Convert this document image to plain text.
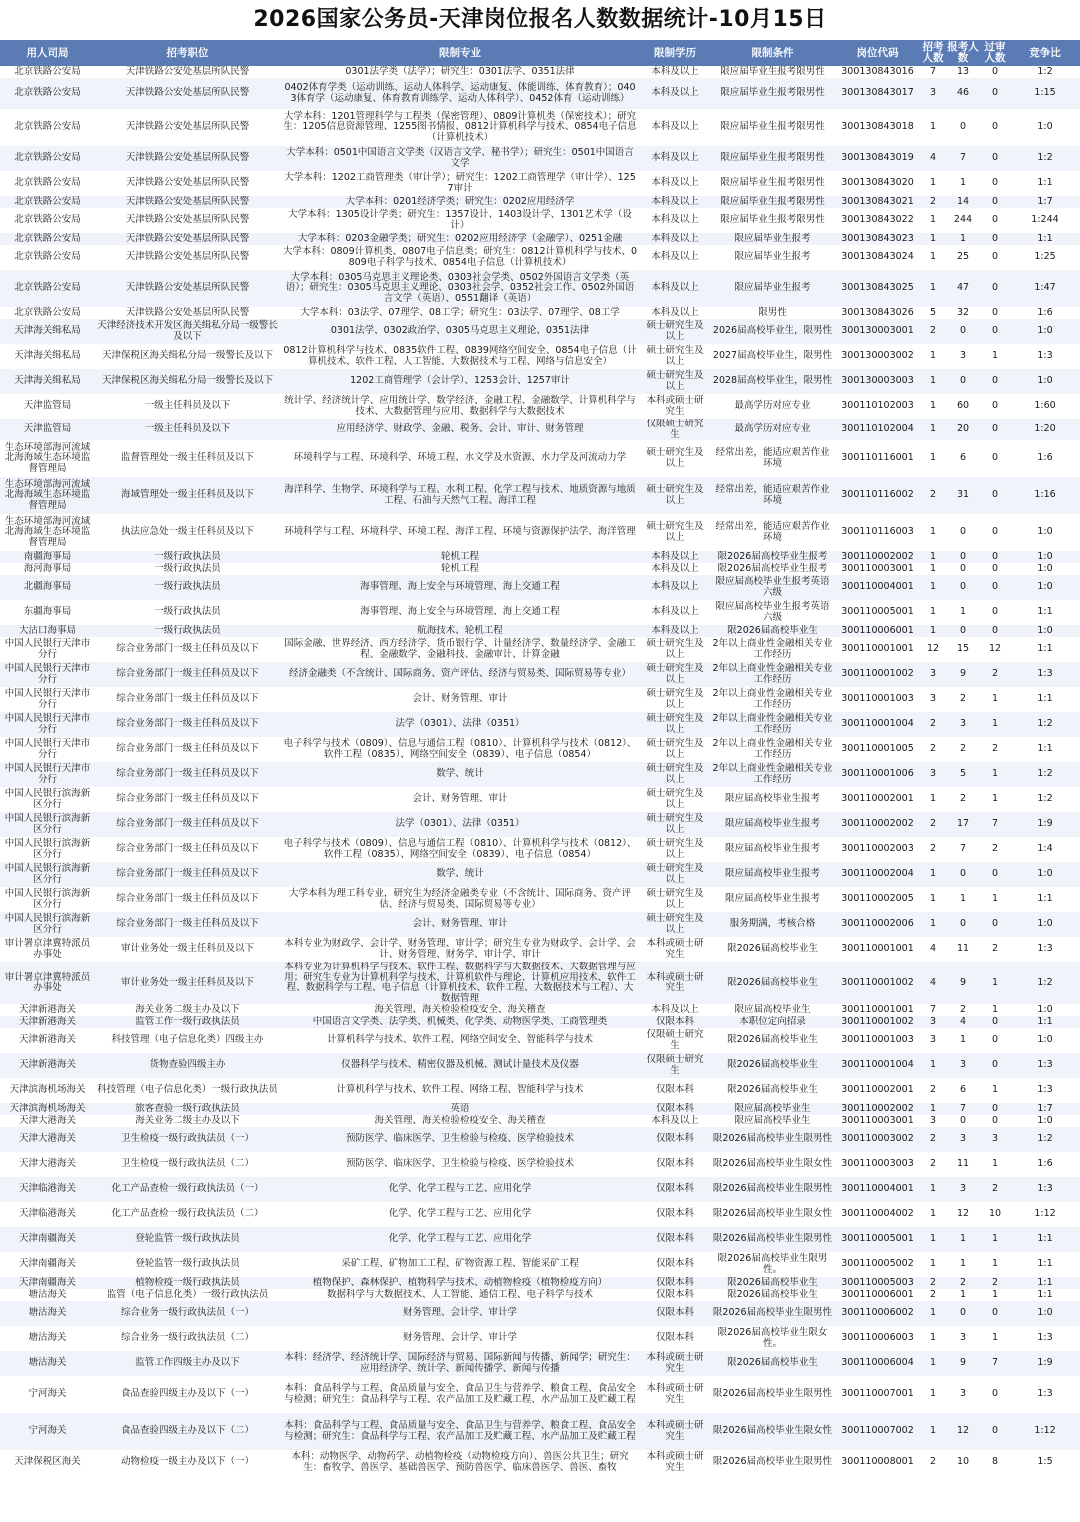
2026国家公务员-天津岗位报名人数数据统计-10月15日
用人司局	招考职位	限制专业	限制学历	限制条件	岗位代码	招考人数	报考人数	过审人数	竞争比
北京铁路公安局	天津铁路公安处基层所队民警	0301法学类（法学）；研究生：0301法学、0351法律	本科及以上	限应届毕业生报考限男性	300130843016	7	13	0	1:2
北京铁路公安局	天津铁路公安处基层所队民警	0402体育学类（运动训练、运动人体科学、运动康复、体能训练、体育教育）；0403体育学（运动康复、体育教育训练学、运动人体科学）、0452体育（运动训练）	本科及以上	限应届毕业生报考限男性	300130843017	3	46	0	1:15
北京铁路公安局	天津铁路公安处基层所队民警	大学本科：1201管理科学与工程类（保密管理）、0809计算机类（保密技术）；研究生：1205信息资源管理、1255图书情报、0812计算机科学与技术、0854电子信息（计算机技术）	本科及以上	限应届毕业生报考限男性	300130843018	1	0	0	1:0
北京铁路公安局	天津铁路公安处基层所队民警	大学本科：0501中国语言文学类（汉语言文学、秘书学）；研究生：0501中国语言文学	本科及以上	限应届毕业生报考限男性	300130843019	4	7	0	1:2
北京铁路公安局	天津铁路公安处基层所队民警	大学本科：1202工商管理类（审计学）；研究生：1202工商管理学（审计学）、1257审计	本科及以上	限应届毕业生报考限男性	300130843020	1	1	0	1:1
北京铁路公安局	天津铁路公安处基层所队民警	大学本科：0201经济学类；研究生：0202应用经济学	本科及以上	限应届毕业生报考限男性	300130843021	2	14	0	1:7
北京铁路公安局	天津铁路公安处基层所队民警	大学本科：1305设计学类；研究生：1357设计、1403设计学、1301艺术学（设计）	本科及以上	限应届毕业生报考限男性	300130843022	1	244	0	1:244
北京铁路公安局	天津铁路公安处基层所队民警	大学本科：0203金融学类；研究生：0202应用经济学（金融学）、0251金融	本科及以上	限应届毕业生报考	300130843023	1	1	0	1:1
北京铁路公安局	天津铁路公安处基层所队民警	大学本科：0809计算机类、0807电子信息类；研究生：0812计算机科学与技术、0809电子科学与技术、0854电子信息（计算机技术）	本科及以上	限应届毕业生报考	300130843024	1	25	0	1:25
北京铁路公安局	天津铁路公安处基层所队民警	大学本科：0305马克思主义理论类、0303社会学类、0502外国语言文学类（英语）；研究生：0305马克思主义理论、0303社会学、0352社会工作、0502外国语言文学（英语）、0551翻译（英语）	本科及以上	限应届毕业生报考	300130843025	1	47	0	1:47
北京铁路公安局	天津铁路公安处基层所队民警	大学本科：03法学、07理学、08工学；研究生：03法学、07理学、08工学	本科及以上	限男性	300130843026	5	32	0	1:6
天津海关缉私局	天津经济技术开发区海关缉私分局一级警长及以下	0301法学、0302政治学、0305马克思主义理论、0351法律	硕士研究生及以上	2026届高校毕业生，限男性	300130003001	2	0	0	1:0
天津海关缉私局	天津保税区海关缉私分局一级警长及以下	0812计算机科学与技术、0835软件工程、0839网络空间安全、0854电子信息（计算机技术、软件工程、人工智能、大数据技术与工程、网络与信息安全）	硕士研究生及以上	2027届高校毕业生，限男性	300130003002	1	3	1	1:3
天津海关缉私局	天津保税区海关缉私分局一级警长及以下	1202工商管理学（会计学）、1253会计、1257审计	硕士研究生及以上	2028届高校毕业生，限男性	300130003003	1	0	0	1:0
天津监管局	一级主任科员及以下	统计学、经济统计学、应用统计学、数学经济、金融工程、金融数学、计算机科学与技术、大数据管理与应用、数据科学与大数据技术	本科或硕士研究生	最高学历对应专业	300110102003	1	60	0	1:60
天津监管局	一级主任科员及以下	应用经济学、财政学、金融、税务、会计、审计、财务管理	仅限硕士研究生	最高学历对应专业	300110102004	1	20	0	1:20
生态环境部海河流域北海海域生态环境监督管理局	监督管理处一级主任科员及以下	环境科学与工程、环境科学、环境工程、水文学及水资源、水力学及河流动力学	硕士研究生及以上	经常出差，能适应艰苦作业环境	300110116001	1	6	0	1:6
生态环境部海河流域北海海域生态环境监督管理局	海域管理处一级主任科员及以下	海洋科学、生物学、环境科学与工程、水利工程、化学工程与技术、地质资源与地质工程、石油与天然气工程、海洋工程	硕士研究生及以上	经常出差，能适应艰苦作业环境	300110116002	2	31	0	1:16
生态环境部海河流域北海海域生态环境监督管理局	执法应急处一级主任科员及以下	环境科学与工程、环境科学、环境工程、海洋工程、环境与资源保护法学、海洋管理	硕士研究生及以上	经常出差，能适应艰苦作业环境	300110116003	1	0	0	1:0
南疆海事局	一级行政执法员	轮机工程	本科及以上	限2026届高校毕业生报考	300110002002	1	0	0	1:0
海河海事局	一级行政执法员	轮机工程	本科及以上	限2026届高校毕业生报考	300110003001	1	0	0	1:0
北疆海事局	一级行政执法员	海事管理、海上安全与环境管理、海上交通工程	本科及以上	限应届高校毕业生报考英语六级	300110004001	1	0	0	1:0
东疆海事局	一级行政执法员	海事管理、海上安全与环境管理、海上交通工程	本科及以上	限应届高校毕业生报考英语六级	300110005001	1	1	0	1:1
大沽口海事局	一级行政执法员	航海技术、轮机工程	本科及以上	限2026届高校毕业生	300110006001	1	0	0	1:0
中国人民银行天津市分行	综合业务部门一级主任科员及以下	国际金融、世界经济、西方经济学、货币银行学、计量经济学、数量经济学、金融工程、金融数学、金融科技、金融审计、计算金融	硕士研究生及以上	2年以上商业性金融相关专业工作经历	300110001001	12	15	12	1:1
中国人民银行天津市分行	综合业务部门一级主任科员及以下	经济金融类（不含统计、国际商务、资产评估、经济与贸易类、国际贸易等专业）	硕士研究生及以上	2年以上商业性金融相关专业工作经历	300110001002	3	9	2	1:3
中国人民银行天津市分行	综合业务部门一级主任科员及以下	会计、财务管理、审计	硕士研究生及以上	2年以上商业性金融相关专业工作经历	300110001003	3	2	1	1:1
中国人民银行天津市分行	综合业务部门一级主任科员及以下	法学（0301）、法律（0351）	硕士研究生及以上	2年以上商业性金融相关专业工作经历	300110001004	2	3	1	1:2
中国人民银行天津市分行	综合业务部门一级主任科员及以下	电子科学与技术（0809）、信息与通信工程（0810）、计算机科学与技术（0812）、软件工程（0835）、网络空间安全（0839）、电子信息（0854）	硕士研究生及以上	2年以上商业性金融相关专业工作经历	300110001005	2	2	2	1:1
中国人民银行天津市分行	综合业务部门一级主任科员及以下	数学、统计	硕士研究生及以上	2年以上商业性金融相关专业工作经历	300110001006	3	5	1	1:2
中国人民银行滨海新区分行	综合业务部门一级主任科员及以下	会计、财务管理、审计	硕士研究生及以上	限应届高校毕业生报考	300110002001	1	2	1	1:2
中国人民银行滨海新区分行	综合业务部门一级主任科员及以下	法学（0301）、法律（0351）	硕士研究生及以上	限应届高校毕业生报考	300110002002	2	17	7	1:9
中国人民银行滨海新区分行	综合业务部门一级主任科员及以下	电子科学与技术（0809）、信息与通信工程（0810）、计算机科学与技术（0812）、软件工程（0835）、网络空间安全（0839）、电子信息（0854）	硕士研究生及以上	限应届高校毕业生报考	300110002003	2	7	2	1:4
中国人民银行滨海新区分行	综合业务部门一级主任科员及以下	数学、统计	硕士研究生及以上	限应届高校毕业生报考	300110002004	1	0	0	1:0
中国人民银行滨海新区分行	综合业务部门一级主任科员及以下	大学本科为理工科专业，研究生为经济金融类专业（不含统计、国际商务、资产评估、经济与贸易类、国际贸易等专业）	硕士研究生及以上	限应届高校毕业生报考	300110002005	1	1	1	1:1
中国人民银行滨海新区分行	综合业务部门一级主任科员及以下	会计、财务管理、审计	硕士研究生及以上	服务期满，考核合格	300110002006	1	0	0	1:0
审计署京津冀特派员办事处	审计业务处一级主任科员及以下	本科专业为财政学、会计学、财务管理、审计学；研究生专业为财政学、会计学、会计、财务管理、财务学、审计学、审计	本科或硕士研究生	限2026届高校毕业生	300110001001	4	11	2	1:3
审计署京津冀特派员办事处	审计业务处一级主任科员及以下	本科专业为计算机科学与技术、软件工程、数据科学与大数据技术、大数据管理与应用；研究生专业为计算机科学与技术、计算机软件与理论、计算机应用技术、软件工程、数据科学与工程、电子信息（计算机技术、软件工程、大数据技术与工程）、大数据管理	本科或硕士研究生	限2026届高校毕业生	300110001002	4	9	1	1:2
天津新港海关	海关业务二级主办及以下	海关管理、海关检验检疫安全、海关稽查	本科及以上	限应届高校毕业生	300110001001	7	2	1	1:0
天津新港海关	监管工作一级行政执法员	中国语言文学类、法学类、机械类、化学类、动物医学类、工商管理类	仅限本科	本职位定向招录	300110001002	3	4	0	1:1
天津新港海关	科技管理（电子信息化类）四级主办	计算机科学与技术、软件工程、网络空间安全、智能科学与技术	仅限硕士研究生	限2026届高校毕业生	300110001003	3	1	0	1:0
天津新港海关	货物查验四级主办	仪器科学与技术、精密仪器及机械、测试计量技术及仪器	仅限硕士研究生	限2026届高校毕业生	300110001004	1	3	0	1:3
天津滨海机场海关	科技管理（电子信息化类）一级行政执法员	计算机科学与技术、软件工程、网络工程、智能科学与技术	仅限本科	限2026届高校毕业生	300110002001	2	6	1	1:3
天津滨海机场海关	旅客查验一级行政执法员	英语	仅限本科	限应届高校毕业生	300110002002	1	7	0	1:7
天津大港海关	海关业务二级主办及以下	海关管理、海关检验检疫安全、海关稽查	本科及以上	限应届高校毕业生	300110003001	3	0	0	1:0
天津大港海关	卫生检疫一级行政执法员（一）	预防医学、临床医学、卫生检验与检疫、医学检验技术	仅限本科	限2026届高校毕业生限男性	300110003002	2	3	3	1:2
天津大港海关	卫生检疫一级行政执法员（二）	预防医学、临床医学、卫生检验与检疫、医学检验技术	仅限本科	限2026届高校毕业生限女性	300110003003	2	11	1	1:6
天津临港海关	化工产品查检一级行政执法员（一）	化学、化学工程与工艺、应用化学	仅限本科	限2026届高校毕业生限男性	300110004001	1	3	2	1:3
天津临港海关	化工产品查检一级行政执法员（二）	化学、化学工程与工艺、应用化学	仅限本科	限2026届高校毕业生限女性	300110004002	1	12	10	1:12
天津南疆海关	登轮监管一级行政执法员	化学、化学工程与工艺、应用化学	仅限本科	限2026届高校毕业生限男性	300110005001	1	1	1	1:1
天津南疆海关	登轮监管一级行政执法员	采矿工程、矿物加工工程、矿物资源工程、智能采矿工程	仅限本科	限2026届高校毕业生限男性。	300110005002	1	1	1	1:1
天津南疆海关	植物检疫一级行政执法员	植物保护、森林保护、植物科学与技术、动植物检疫（植物检疫方向）	仅限本科	限2026届高校毕业生	300110005003	2	2	2	1:1
塘沽海关	监管（电子信息化类）一级行政执法员	数据科学与大数据技术、人工智能、通信工程、电子科学与技术	仅限本科	限2026届高校毕业生	300110006001	2	1	1	1:1
塘沽海关	综合业务一级行政执法员（一）	财务管理、会计学、审计学	仅限本科	限2026届高校毕业生限男性	300110006002	1	0	0	1:0
塘沽海关	综合业务一级行政执法员（二）	财务管理、会计学、审计学	仅限本科	限2026届高校毕业生限女性。	300110006003	1	3	1	1:3
塘沽海关	监管工作四级主办及以下	本科：经济学、经济统计学、国际经济与贸易、国际新闻与传播、新闻学；研究生：应用经济学、统计学、新闻传播学、新闻与传播	本科或硕士研究生	限2026届高校毕业生	300110006004	1	9	7	1:9
宁河海关	食品查验四级主办及以下（一）	本科：食品科学与工程、食品质量与安全、食品卫生与营养学、粮食工程、食品安全与检测；研究生：食品科学与工程、农产品加工及贮藏工程、水产品加工及贮藏工程	本科或硕士研究生	限2026届高校毕业生限男性	300110007001	1	3	0	1:3
宁河海关	食品查验四级主办及以下（二）	本科：食品科学与工程、食品质量与安全、食品卫生与营养学、粮食工程、食品安全与检测；研究生：食品科学与工程、农产品加工及贮藏工程、水产品加工及贮藏工程	本科或硕士研究生	限2026届高校毕业生限女性	300110007002	1	12	0	1:12
天津保税区海关	动物检疫一级主办及以下（一）	本科：动物医学、动物药学、动植物检疫（动物检疫方向）、兽医公共卫生；研究生：畜牧学、兽医学、基础兽医学、预防兽医学、临床兽医学、兽医、畜牧	本科或硕士研究生	限2026届高校毕业生限男性	300110008001	2	10	8	1:5
